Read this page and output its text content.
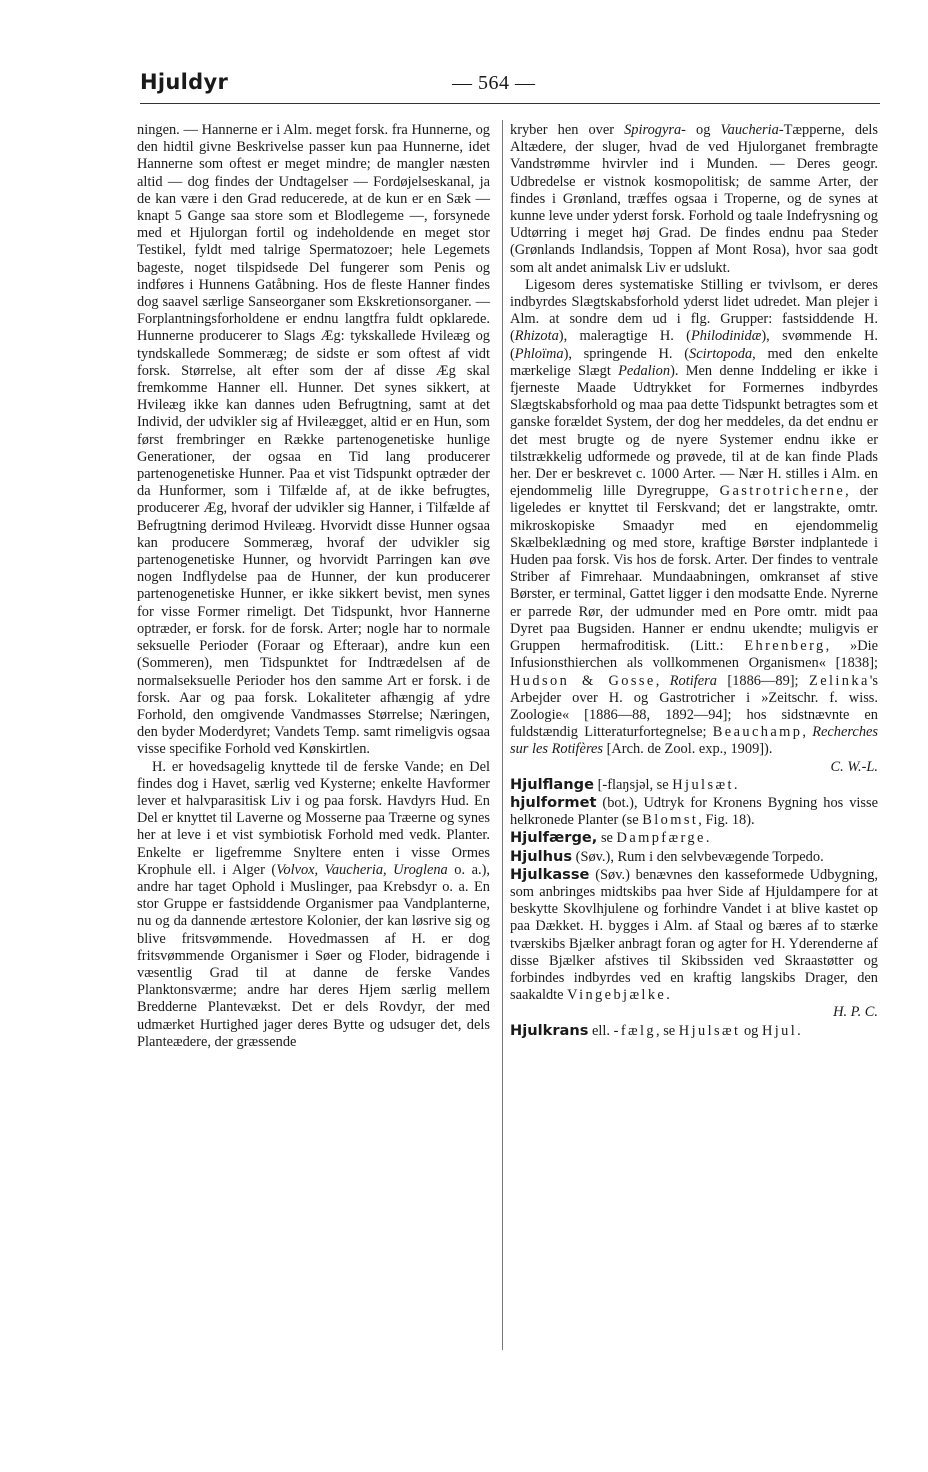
Hjuldyr	— 564 —

ningen. — Hannerne er i Alm. meget forsk. fra Hunnerne, og den hidtil givne Beskrivelse passer kun paa Hunnerne, idet Hannerne som oftest er meget mindre; de mangler næsten altid — dog findes der Undtagelser — Fordøjelseskanal, ja de kan være i den Grad reducerede, at de kun er en Sæk — knapt 5 Gange saa store som et Blodlegeme —, forsynede med et Hjulorgan fortil og indeholdende en meget stor Testikel, fyldt med talrige Spermatozoer; hele Legemets bageste, noget tilspidsede Del fungerer som Penis og indføres i Hunnens Gatåbning. Hos de fleste Hanner findes dog saavel særlige Sanseorganer som Ekskretionsorganer. — Forplantningsforholdene er endnu langtfra fuldt opklarede. Hunnerne producerer to Slags Æg: tykskallede Hvileæg og tyndskallede Sommeræg; de sidste er som oftest af vidt forsk. Størrelse, alt efter som der af disse Æg skal fremkomme Hanner ell. Hunner. Det synes sikkert, at Hvileæg ikke kan dannes uden Befrugtning, samt at det Individ, der udvikler sig af Hvileægget, altid er en Hun, som først frembringer en Række partenogenetiske hunlige Generationer, der ogsaa en Tid lang producerer partenogenetiske Hunner. Paa et vist Tidspunkt optræder der da Hunformer, som i Tilfælde af, at de ikke befrugtes, producerer Æg, hvoraf der udvikler sig Hanner, i Tilfælde af Befrugtning derimod Hvileæg. Hvorvidt disse Hunner ogsaa kan producere Sommeræg, hvoraf der udvikler sig partenogenetiske Hunner, og hvorvidt Parringen kan øve nogen Indflydelse paa de Hunner, der kun producerer partenogenetiske Hunner, er ikke sikkert bevist, men synes for visse Former rimeligt. Det Tidspunkt, hvor Hannerne optræder, er forsk. for de forsk. Arter; nogle har to normale seksuelle Perioder (Foraar og Efteraar), andre kun een (Sommeren), men Tidspunktet for Indtrædelsen af de normalseksuelle Perioder hos den samme Art er forsk. i de forsk. Aar og paa forsk. Lokaliteter afhængig af ydre Forhold, den omgivende Vandmasses Størrelse; Næringen, den byder Moderdyret; Vandets Temp. samt rimeligvis ogsaa visse specifike Forhold ved Kønskirtlen.

H. er hovedsagelig knyttede til de ferske Vande; en Del findes dog i Havet, særlig ved Kysterne; enkelte Havformer lever et halvparasitisk Liv i og paa forsk. Havdyrs Hud. En Del er knyttet til Laverne og Mosserne paa Træerne og synes her at leve i et vist symbiotisk Forhold med vedk. Planter. Enkelte er ligefremme Snyltere enten i visse Ormes Krophule ell. i Alger (Volvox, Vaucheria, Uroglena o. a.), andre har taget Ophold i Muslinger, paa Krebsdyr o. a. En stor Gruppe er fastsiddende Organismer paa Vandplanterne, nu og da dannende ærtestore Kolonier, der kan løsrive sig og blive fritsvømmende. Hovedmassen af H. er dog fritsvømmende Organismer i Søer og Floder, bidragende i væsentlig Grad til at danne de ferske Vandes Planktonsværme; andre har deres Hjem særlig mellem Bredderne Plantevækst. Det er dels Rovdyr, der med udmærket Hurtighed jager deres Bytte og udsuger det, dels Planteædere, der græssende

kryber hen over Spirogyra- og Vaucheria-Tæpperne, dels Altædere, der sluger, hvad de ved Hjulorganet frembragte Vandstrømme hvirvler ind i Munden. — Deres geogr. Udbredelse er vistnok kosmopolitisk; de samme Arter, der findes i Grønland, træffes ogsaa i Troperne, og de synes at kunne leve under yderst forsk. Forhold og taale Indefrysning og Udtørring i meget høj Grad. De findes endnu paa Steder (Grønlands Indlandsis, Toppen af Mont Rosa), hvor saa godt som alt andet animalsk Liv er udslukt.

Ligesom deres systematiske Stilling er tvivlsom, er deres indbyrdes Slægtskabsforhold yderst lidet udredet. Man plejer i Alm. at sondre dem ud i flg. Grupper: fastsiddende H. (Rhizota), maleragtige H. (Philodinidæ), svømmende H. (Phloïma), springende H. (Scirtopoda, med den enkelte mærkelige Slægt Pedalion). Men denne Inddeling er ikke i fjerneste Maade Udtrykket for Formernes indbyrdes Slægtskabsforhold og maa paa dette Tidspunkt betragtes som et ganske forældet System, der dog her meddeles, da det endnu er det mest brugte og de nyere Systemer endnu ikke er tilstrækkelig udformede og prøvede, til at de kan finde Plads her. Der er beskrevet c. 1000 Arter. — Nær H. stilles i Alm. en ejendommelig lille Dyregruppe, Gastrotricherne, der ligeledes er knyttet til Ferskvand; det er langstrakte, omtr. mikroskopiske Smaadyr med en ejendommelig Skælbeklædning og med store, kraftige Børster indplantede i Huden paa forsk. Vis hos de forsk. Arter. Der findes to ventrale Striber af Fimrehaar. Mundaabningen, omkranset af stive Børster, er terminal, Gattet ligger i den modsatte Ende. Nyrerne er parrede Rør, der udmunder med en Pore omtr. midt paa Dyret paa Bugsiden. Hanner er endnu ukendte; muligvis er Gruppen hermafroditisk. (Litt.: Ehrenberg, »Die Infusionsthierchen als vollkommenen Organismen« [1838]; Hudson & Gosse, Rotifera [1886—89]; Zelinka's Arbejder over H. og Gastrotricher i »Zeitschr. f. wiss. Zoologie« [1886—88, 1892—94]; hos sidstnævnte en fuldstændig Litteraturfortegnelse; Beauchamp, Recherches sur les Rotifères [Arch. de Zool. exp., 1909]).

C. W.-L.

Hjulflange [-flaŋsjəl, se Hjulsæt.

hjulformet (bot.), Udtryk for Kronens Bygning hos visse helkronede Planter (se Blomst, Fig. 18).

Hjulfærge, se Dampfærge.

Hjulhus (Søv.), Rum i den selvbevægende Torpedo.

Hjulkasse (Søv.) benævnes den kasseformede Udbygning, som anbringes midtskibs paa hver Side af Hjuldampere for at beskytte Skovlhjulene og forhindre Vandet i at blive kastet op paa Dækket. H. bygges i Alm. af Staal og bæres af to stærke tværskibs Bjælker anbragt foran og agter for H. Yderenderne af disse Bjælker afstives til Skibssiden ved Skraastøtter og forbindes indbyrdes ved en kraftig langskibs Drager, den saakaldte Vingebjælke.

H. P. C.

Hjulkrans ell. -fælg, se Hjulsæt og Hjul.
